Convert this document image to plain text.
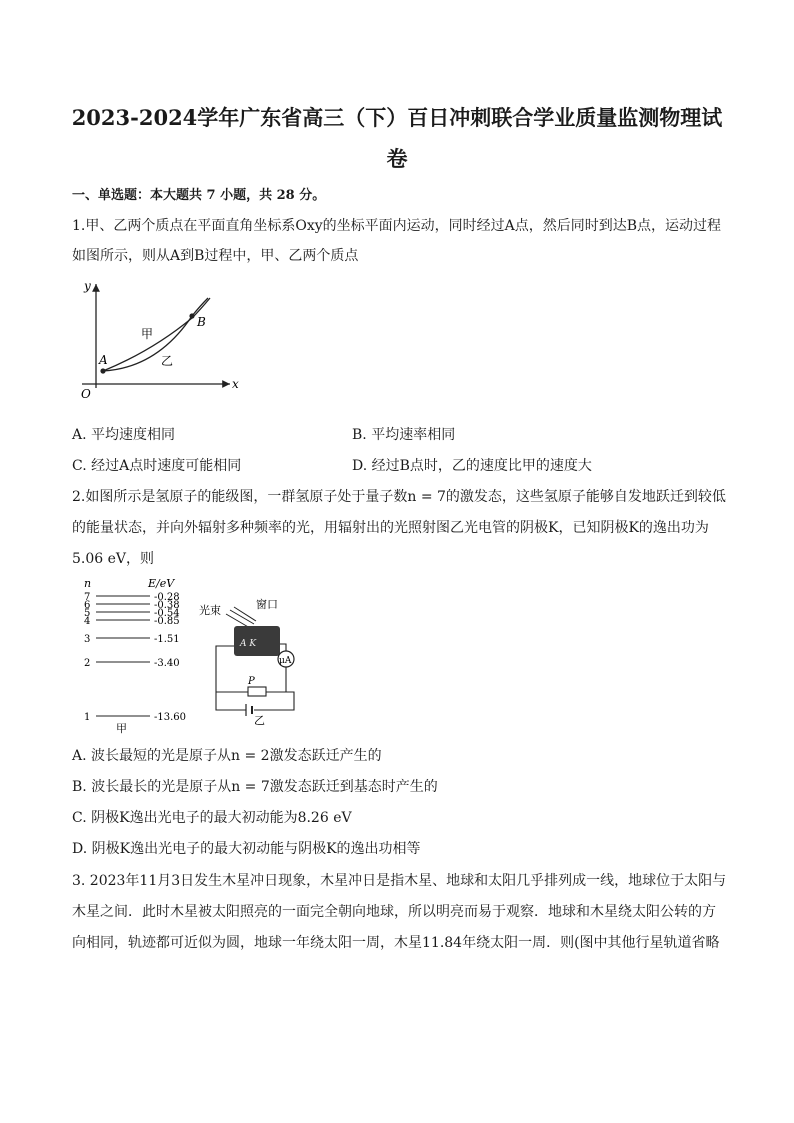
2023-2024学年广东省高三（下）百日冲刺联合学业质量监测物理试
卷
一、单选题：本大题共 7 小题，共 28 分。
1.甲、乙两个质点在平面直角坐标系Oxy的坐标平面内运动，同时经过A点，然后同时到达B点，运动过程
如图所示，则从A到B过程中，甲、乙两个质点
y
x
O
A
B
甲
乙
A. 平均速度相同	B. 平均速率相同
C. 经过A点时速度可能相同	D. 经过B点时，乙的速度比甲的速度大
2.如图所示是氢原子的能级图，一群氢原子处于量子数n = 7的激发态，这些氢原子能够自发地跃迁到较低
的能量状态，并向外辐射多种频率的光，用辐射出的光照射图乙光电管的阴极K，已知阴极K的逸出功为
5.06 eV，则
n	E/eV
7	-0.28
6	-0.38
5	-0.54
4	-0.85
3	-1.51
2	-3.40
1	-13.60
甲
光束	窗口
A K
μA
P
乙
A. 波长最短的光是原子从n = 2激发态跃迁产生的
B. 波长最长的光是原子从n = 7激发态跃迁到基态时产生的
C. 阴极K逸出光电子的最大初动能为8.26 eV
D. 阴极K逸出光电子的最大初动能与阴极K的逸出功相等
3. 2023年11月3日发生木星冲日现象，木星冲日是指木星、地球和太阳几乎排列成一线，地球位于太阳与
木星之间．此时木星被太阳照亮的一面完全朝向地球，所以明亮而易于观察．地球和木星绕太阳公转的方
向相同，轨迹都可近似为圆，地球一年绕太阳一周，木星11.84年绕太阳一周．则(图中其他行星轨道省略
